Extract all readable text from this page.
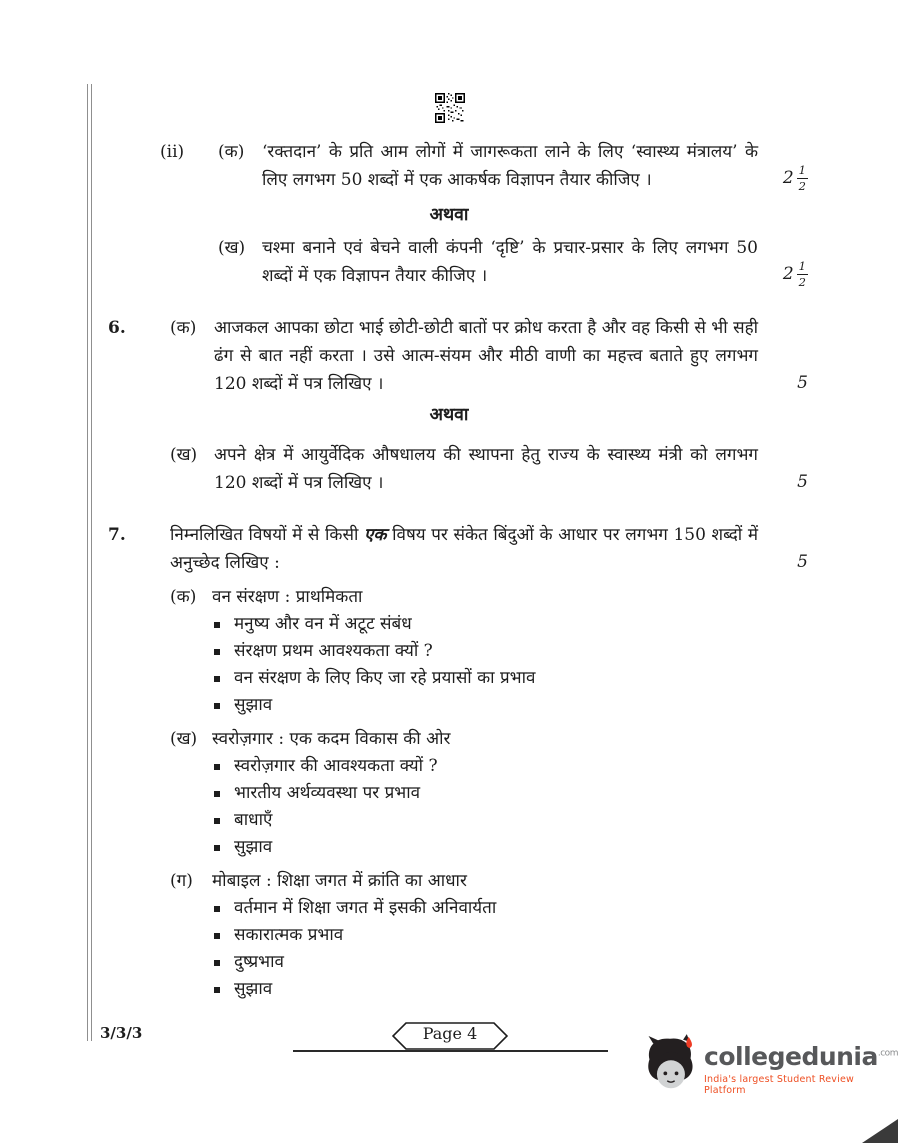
(ii)	(क)	‘रक्तदान’ के प्रति आम लोगों में जागरूकता लाने के लिए ‘स्वास्थ्य मंत्रालय’ के लिए लगभग 50 शब्दों में एक आकर्षक विज्ञापन तैयार कीजिए ।	$2 \frac{1}{2}$
अथवा
(ख) चश्मा बनाने एवं बेचने वाली कंपनी ‘दृष्टि’ के प्रचार-प्रसार के लिए लगभग 50 शब्दों में एक विज्ञापन तैयार कीजिए ।	$2 \frac{1}{2}$
6.	(क)	आजकल आपका छोटा भाई छोटी-छोटी बातों पर क्रोध करता है और वह किसी से भी सही ढंग से बात नहीं करता । उसे आत्म-संयम और मीठी वाणी का महत्त्व बताते हुए लगभग 120 शब्दों में पत्र लिखिए ।	5
अथवा
(ख) अपने क्षेत्र में आयुर्वेदिक औषधालय की स्थापना हेतु राज्य के स्वास्थ्य मंत्री को लगभग 120 शब्दों में पत्र लिखिए ।	5
7.	निम्नलिखित विषयों में से किसी एक विषय पर संकेत बिंदुओं के आधार पर लगभग 150 शब्दों में अनुच्छेद लिखिए :	5
(क) वन संरक्षण : प्राथमिकता
मनुष्य और वन में अटूट संबंध
संरक्षण प्रथम आवश्यकता क्यों ?
वन संरक्षण के लिए किए जा रहे प्रयासों का प्रभाव
सुझाव
(ख) स्वरोज़गार : एक कदम विकास की ओर
स्वरोज़गार की आवश्यकता क्यों ?
भारतीय अर्थव्यवस्था पर प्रभाव
बाधाएँ
सुझाव
(ग)	मोबाइल : शिक्षा जगत में क्रांति का आधार
वर्तमान में शिक्षा जगत में इसकी अनिवार्यता
सकारात्मक प्रभाव
दुष्प्रभाव
सुझाव
3/3/3	Page 4
collegedunia$^{.com}$
India's largest Student Review Platform
